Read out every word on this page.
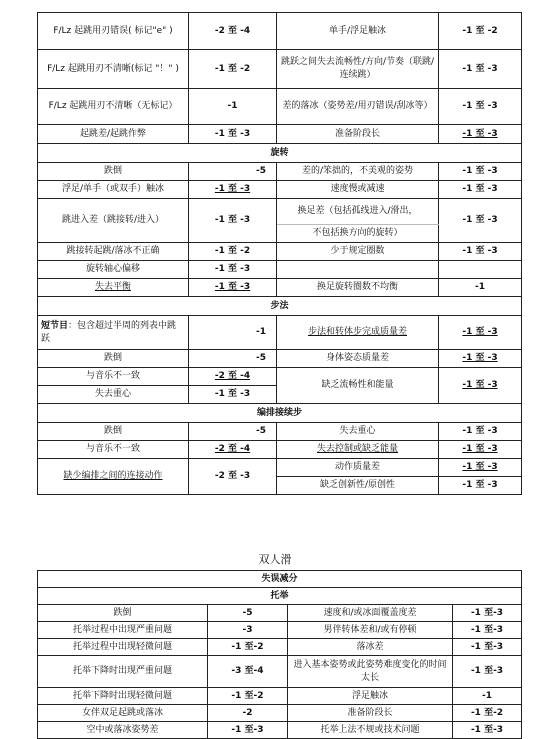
F/Lz 起跳用刃错误( 标记"e" )	-2 至 -4	单手/浮足触冰	-1 至 -2
F/Lz 起跳用刃不清晰(标记 "！" )	-1 至 -2	跳跃之间失去流畅性/方向/节奏（联跳/连续跳）	-1 至 -3
F/Lz 起跳用刃不清晰（无标记）	-1	差的落冰（姿势差/用刃错误/刮冰等）	-1 至 -3
起跳差/起跳作弊	-1 至 -3	准备阶段长	-1 至 -3
旋转			
跌倒	-5	差的/笨拙的，不美观的姿势	-1 至 -3
浮足/单手（或双手）触冰	-1 至 -3	速度慢或减速	-1 至 -3
跳进入差（跳接转/进入）	-1 至 -3	换足差（包括孤线进入/滑出，	-1 至 -3
		不包括换方向的旋转）	
跳接转起跳/落冰不正确	-1 至 -2	少于规定圈数	-1 至 -3
旋转轴心偏移	-1 至 -3		
失去平衡	-1 至 -3	换足旋转圈数不均衡	-1
步法			
短节目：包含超过半周的列表中跳跃	-1	步法和转体步完成质量差	-1 至 -3
跌倒	-5	身体姿态质量差	-1 至 -3
与音乐不一致	-2 至 -4	缺乏流畅性和能量	-1 至 -3
失去重心	-1 至 -3		
编排接续步			
跌倒	-5	失去重心	-1 至 -3
与音乐不一致	-2 至 -4	失去控制或缺乏能量	-1 至 -3
缺少编排之间的连接动作	-2 至 -3	动作质量差	-1 至 -3
		缺乏创新性/原创性	-1 至 -3
双人滑
失误减分			
托举			
跌倒	-5	速度和/或冰面覆盖度差	-1 至-3
托举过程中出现严重问题	-3	男伴转体差和/或有停顿	-1 至-3
托举过程中出现轻微问题	-1 至-2	落冰差	-1 至-3
托举下降时出现严重问题	-3 至-4	进入基本姿势或此姿势难度变化的时间太长	-1 至-3
托举下降时出现轻微问题	-1 至-2	浮足触冰	-1
女伴双足起跳或落冰	-2	准备阶段长	-1 至-2
空中或落冰姿势差	-1 至-3	托举上法不规或技术问题	-1 至-3
